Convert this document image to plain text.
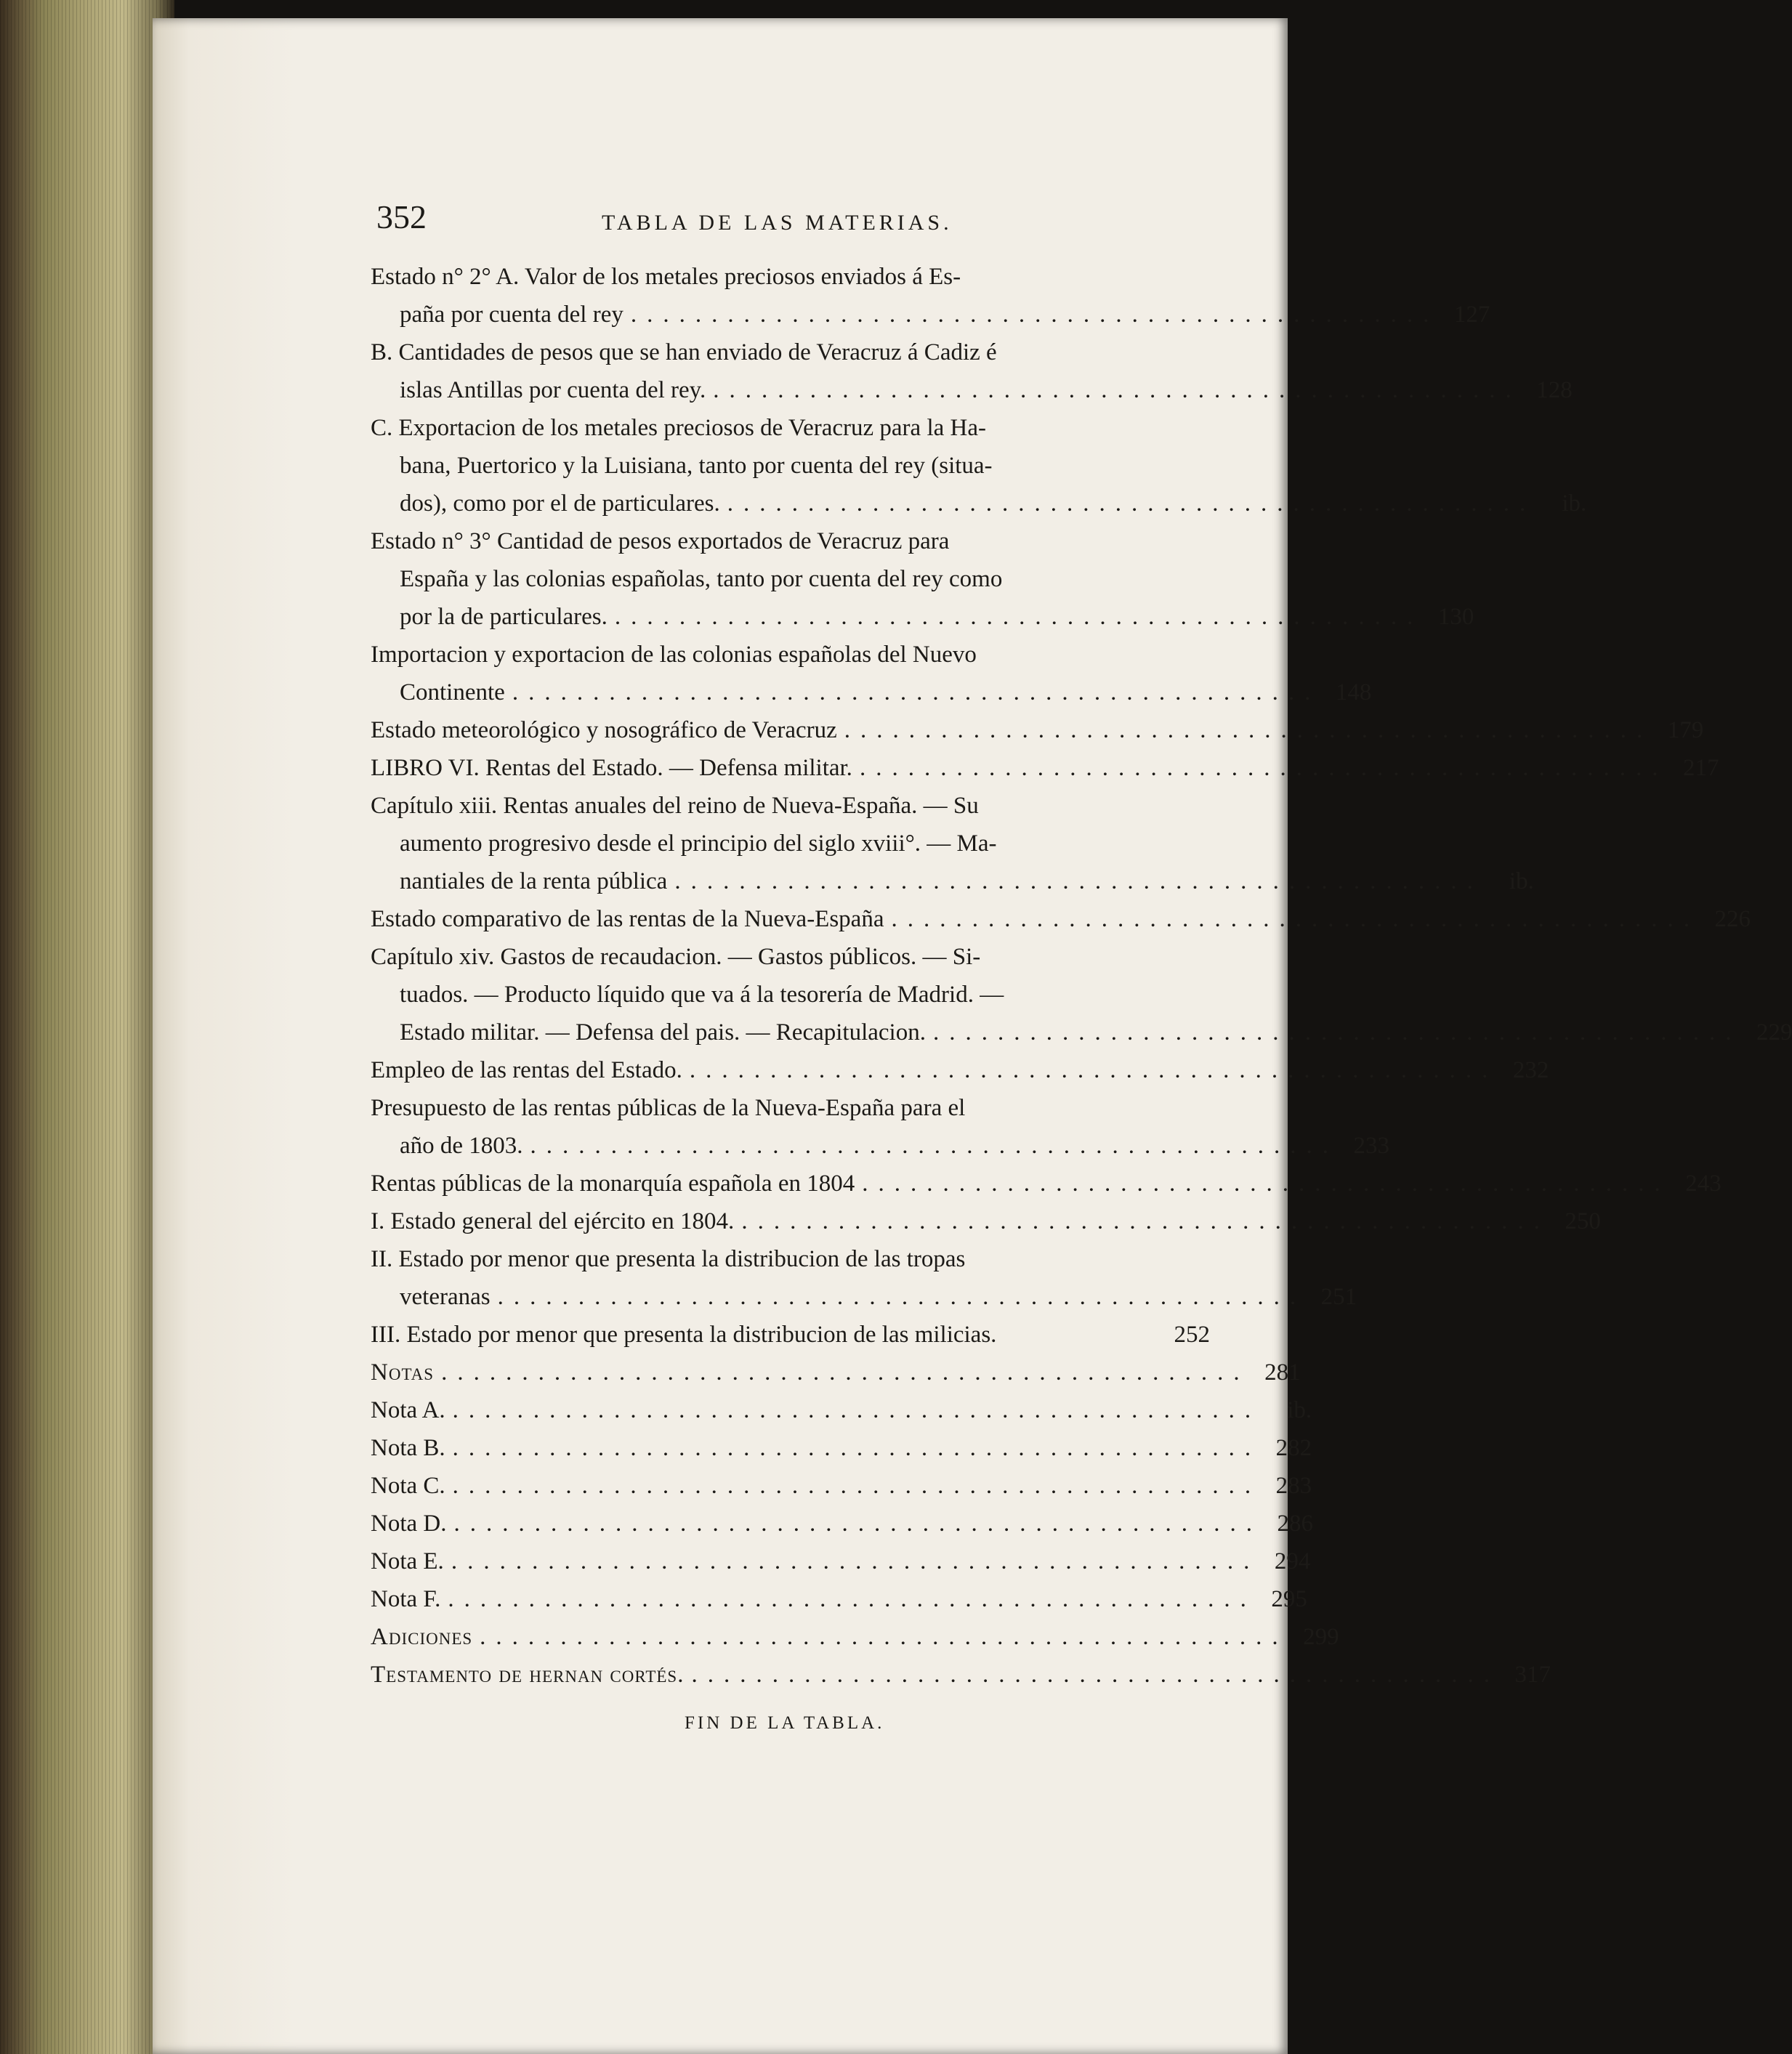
352	TABLA DE LAS MATERIAS.
Estado n° 2° A. Valor de los metales preciosos enviados á Es-
paña por cuenta del rey .................................................. 127
B. Cantidades de pesos que se han enviado de Veracruz á Cadiz é
islas Antillas por cuenta del rey. .................................................. 128
C. Exportacion de los metales preciosos de Veracruz para la Ha-
bana, Puertorico y la Luisiana, tanto por cuenta del rey (situa-
dos), como por el de particulares. ..................................................	ib.
Estado n° 3° Cantidad de pesos exportados de Veracruz para
España y las colonias españolas, tanto por cuenta del rey como
por la de particulares. .................................................. 130
Importacion y exportacion de las colonias españolas del Nuevo
Continente .................................................. 148
Estado meteorológico y nosográfico de Veracruz .................................................. 179
LIBRO VI. Rentas del Estado. — Defensa militar. .................................................. 217
Capítulo xiii. Rentas anuales del reino de Nueva-España. — Su
aumento progresivo desde el principio del siglo xviii°. — Ma-
nantiales de la renta pública ..................................................	ib.
Estado comparativo de las rentas de la Nueva-España .................................................. 226
Capítulo xiv. Gastos de recaudacion. — Gastos públicos. — Si-
tuados. — Producto líquido que va á la tesorería de Madrid. —
Estado militar. — Defensa del pais. — Recapitulacion. .................................................. 229
Empleo de las rentas del Estado. .................................................. 232
Presupuesto de las rentas públicas de la Nueva-España para el
año de 1803. .................................................. 233
Rentas públicas de la monarquía española en 1804 .................................................. 243
I. Estado general del ejército en 1804. .................................................. 250
II. Estado por menor que presenta la distribucion de las tropas
veteranas .................................................. 251
III. Estado por menor que presenta la distribucion de las milicias.	252
Notas .................................................. 281
Nota A. ..................................................	ib.
Nota B. .................................................. 282
Nota C. .................................................. 283
Nota D. .................................................. 286
Nota E. .................................................. 294
Nota F. .................................................. 295
Adiciones .................................................. 299
Testamento de hernan cortés. .................................................. 317
FIN DE LA TABLA.
